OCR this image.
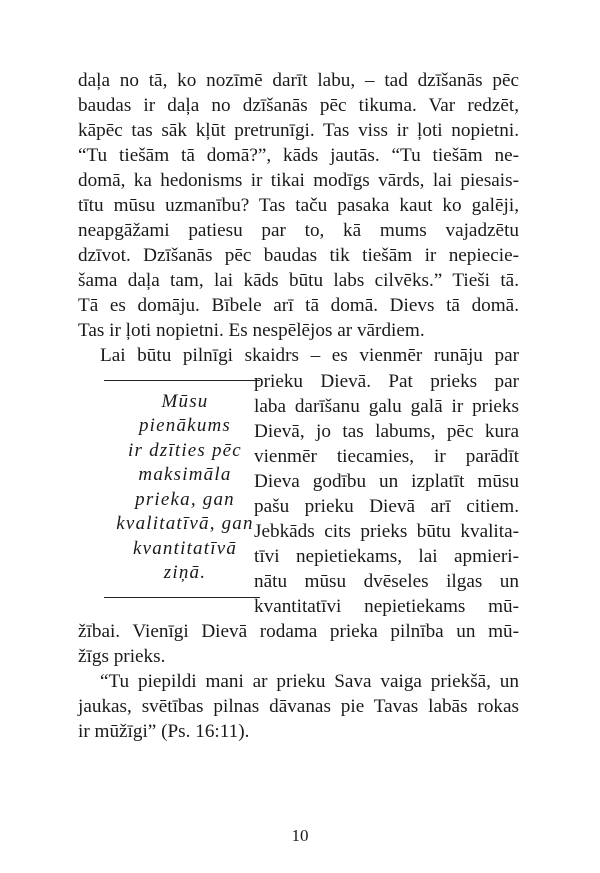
daļa no tā, ko nozīmē darīt labu, – tad dzīšanās pēc
baudas ir daļa no dzīšanās pēc tikuma. Var redzēt,
kāpēc tas sāk kļūt pretrunīgi. Tas viss ir ļoti nopietni.
“Tu tiešām tā domā?”, kāds jautās. “Tu tiešām ne-
domā, ka hedonisms ir tikai modīgs vārds, lai piesais-
tītu mūsu uzmanību? Tas taču pasaka kaut ko galēji,
neapgāžami patiesu par to, kā mums vajadzētu
dzīvot. Dzīšanās pēc baudas tik tiešām ir nepiecie-
šama daļa tam, lai kāds būtu labs cilvēks.” Tieši tā.
Tā es domāju. Bībele arī tā domā. Dievs tā domā.
Tas ir ļoti nopietni. Es nespēlējos ar vārdiem.
Lai būtu pilnīgi skaidrs – es vienmēr runāju par
prieku Dievā. Pat prieks par
laba darīšanu galu galā ir prieks
Dievā, jo tas labums, pēc kura
vienmēr tiecamies, ir parādīt
Dieva godību un izplatīt mūsu
pašu prieku Dievā arī citiem.
Jebkāds cits prieks būtu kvalita-
tīvi nepietiekams, lai apmieri-
nātu mūsu dvēseles ilgas un
kvantitatīvi nepietiekams mū-
žībai. Vienīgi Dievā rodama prieka pilnība un mū-
žīgs prieks.
“Tu piepildi mani ar prieku Sava vaiga priekšā, un
jaukas, svētības pilnas dāvanas pie Tavas labās rokas
ir mūžīgi” (Ps. 16:11).
Mūsu
pienākums
ir dzīties pēc
maksimāla
prieka, gan
kvalitatīvā, gan
kvantitatīvā
ziņā.
10
